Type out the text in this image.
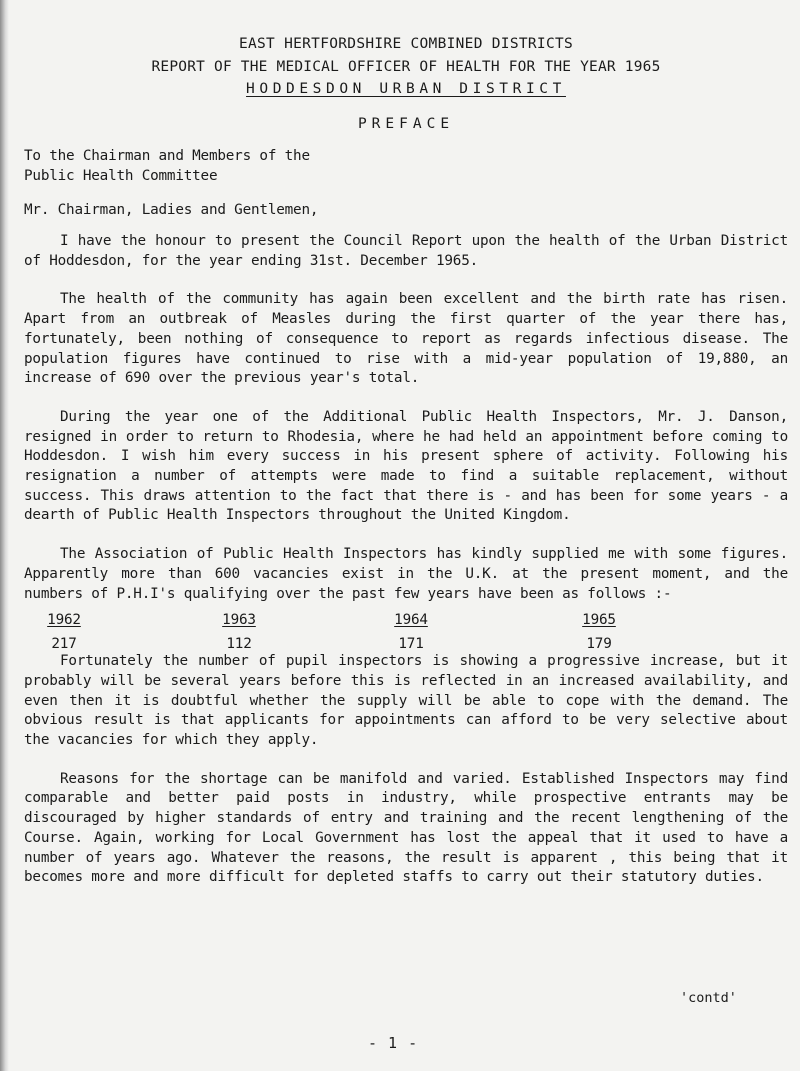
EAST HERTFORDSHIRE COMBINED DISTRICTS
REPORT OF THE MEDICAL OFFICER OF HEALTH FOR THE YEAR 1965
HODDESDON URBAN DISTRICT
PREFACE
To the Chairman and Members of the
Public Health Committee
Mr. Chairman, Ladies and Gentlemen,

I have the honour to present the Council Report upon the health of the Urban District of Hoddesdon, for the year ending 31st. December 1965.

The health of the community has again been excellent and the birth rate has risen. Apart from an outbreak of Measles during the first quarter of the year there has, fortunately, been nothing of consequence to report as regards infectious disease. The population figures have continued to rise with a mid-year population of 19,880, an increase of 690 over the previous year's total.

During the year one of the Additional Public Health Inspectors, Mr. J. Danson, resigned in order to return to Rhodesia, where he had held an appointment before coming to Hoddesdon. I wish him every success in his present sphere of activity. Following his resignation a number of attempts were made to find a suitable replacement, without success. This draws attention to the fact that there is - and has been for some years - a dearth of Public Health Inspectors throughout the United Kingdom.

The Association of Public Health Inspectors has kindly supplied me with some figures. Apparently more than 600 vacancies exist in the U.K. at the present moment, and the numbers of P.H.I's qualifying over the past few years have been as follows :-

1962
217
1963
112
1964
171
1965
179

Fortunately the number of pupil inspectors is showing a progressive increase, but it probably will be several years before this is reflected in an increased availability, and even then it is doubtful whether the supply will be able to cope with the demand. The obvious result is that applicants for appointments can afford to be very selective about the vacancies for which they apply.

Reasons for the shortage can be manifold and varied. Established Inspectors may find comparable and better paid posts in industry, while prospective entrants may be discouraged by higher standards of entry and training and the recent lengthening of the Course. Again, working for Local Government has lost the appeal that it used to have a number of years ago. Whatever the reasons, the result is apparent , this being that it becomes more and more difficult for depleted staffs to carry out their statutory duties.

'contd'
- 1 -
